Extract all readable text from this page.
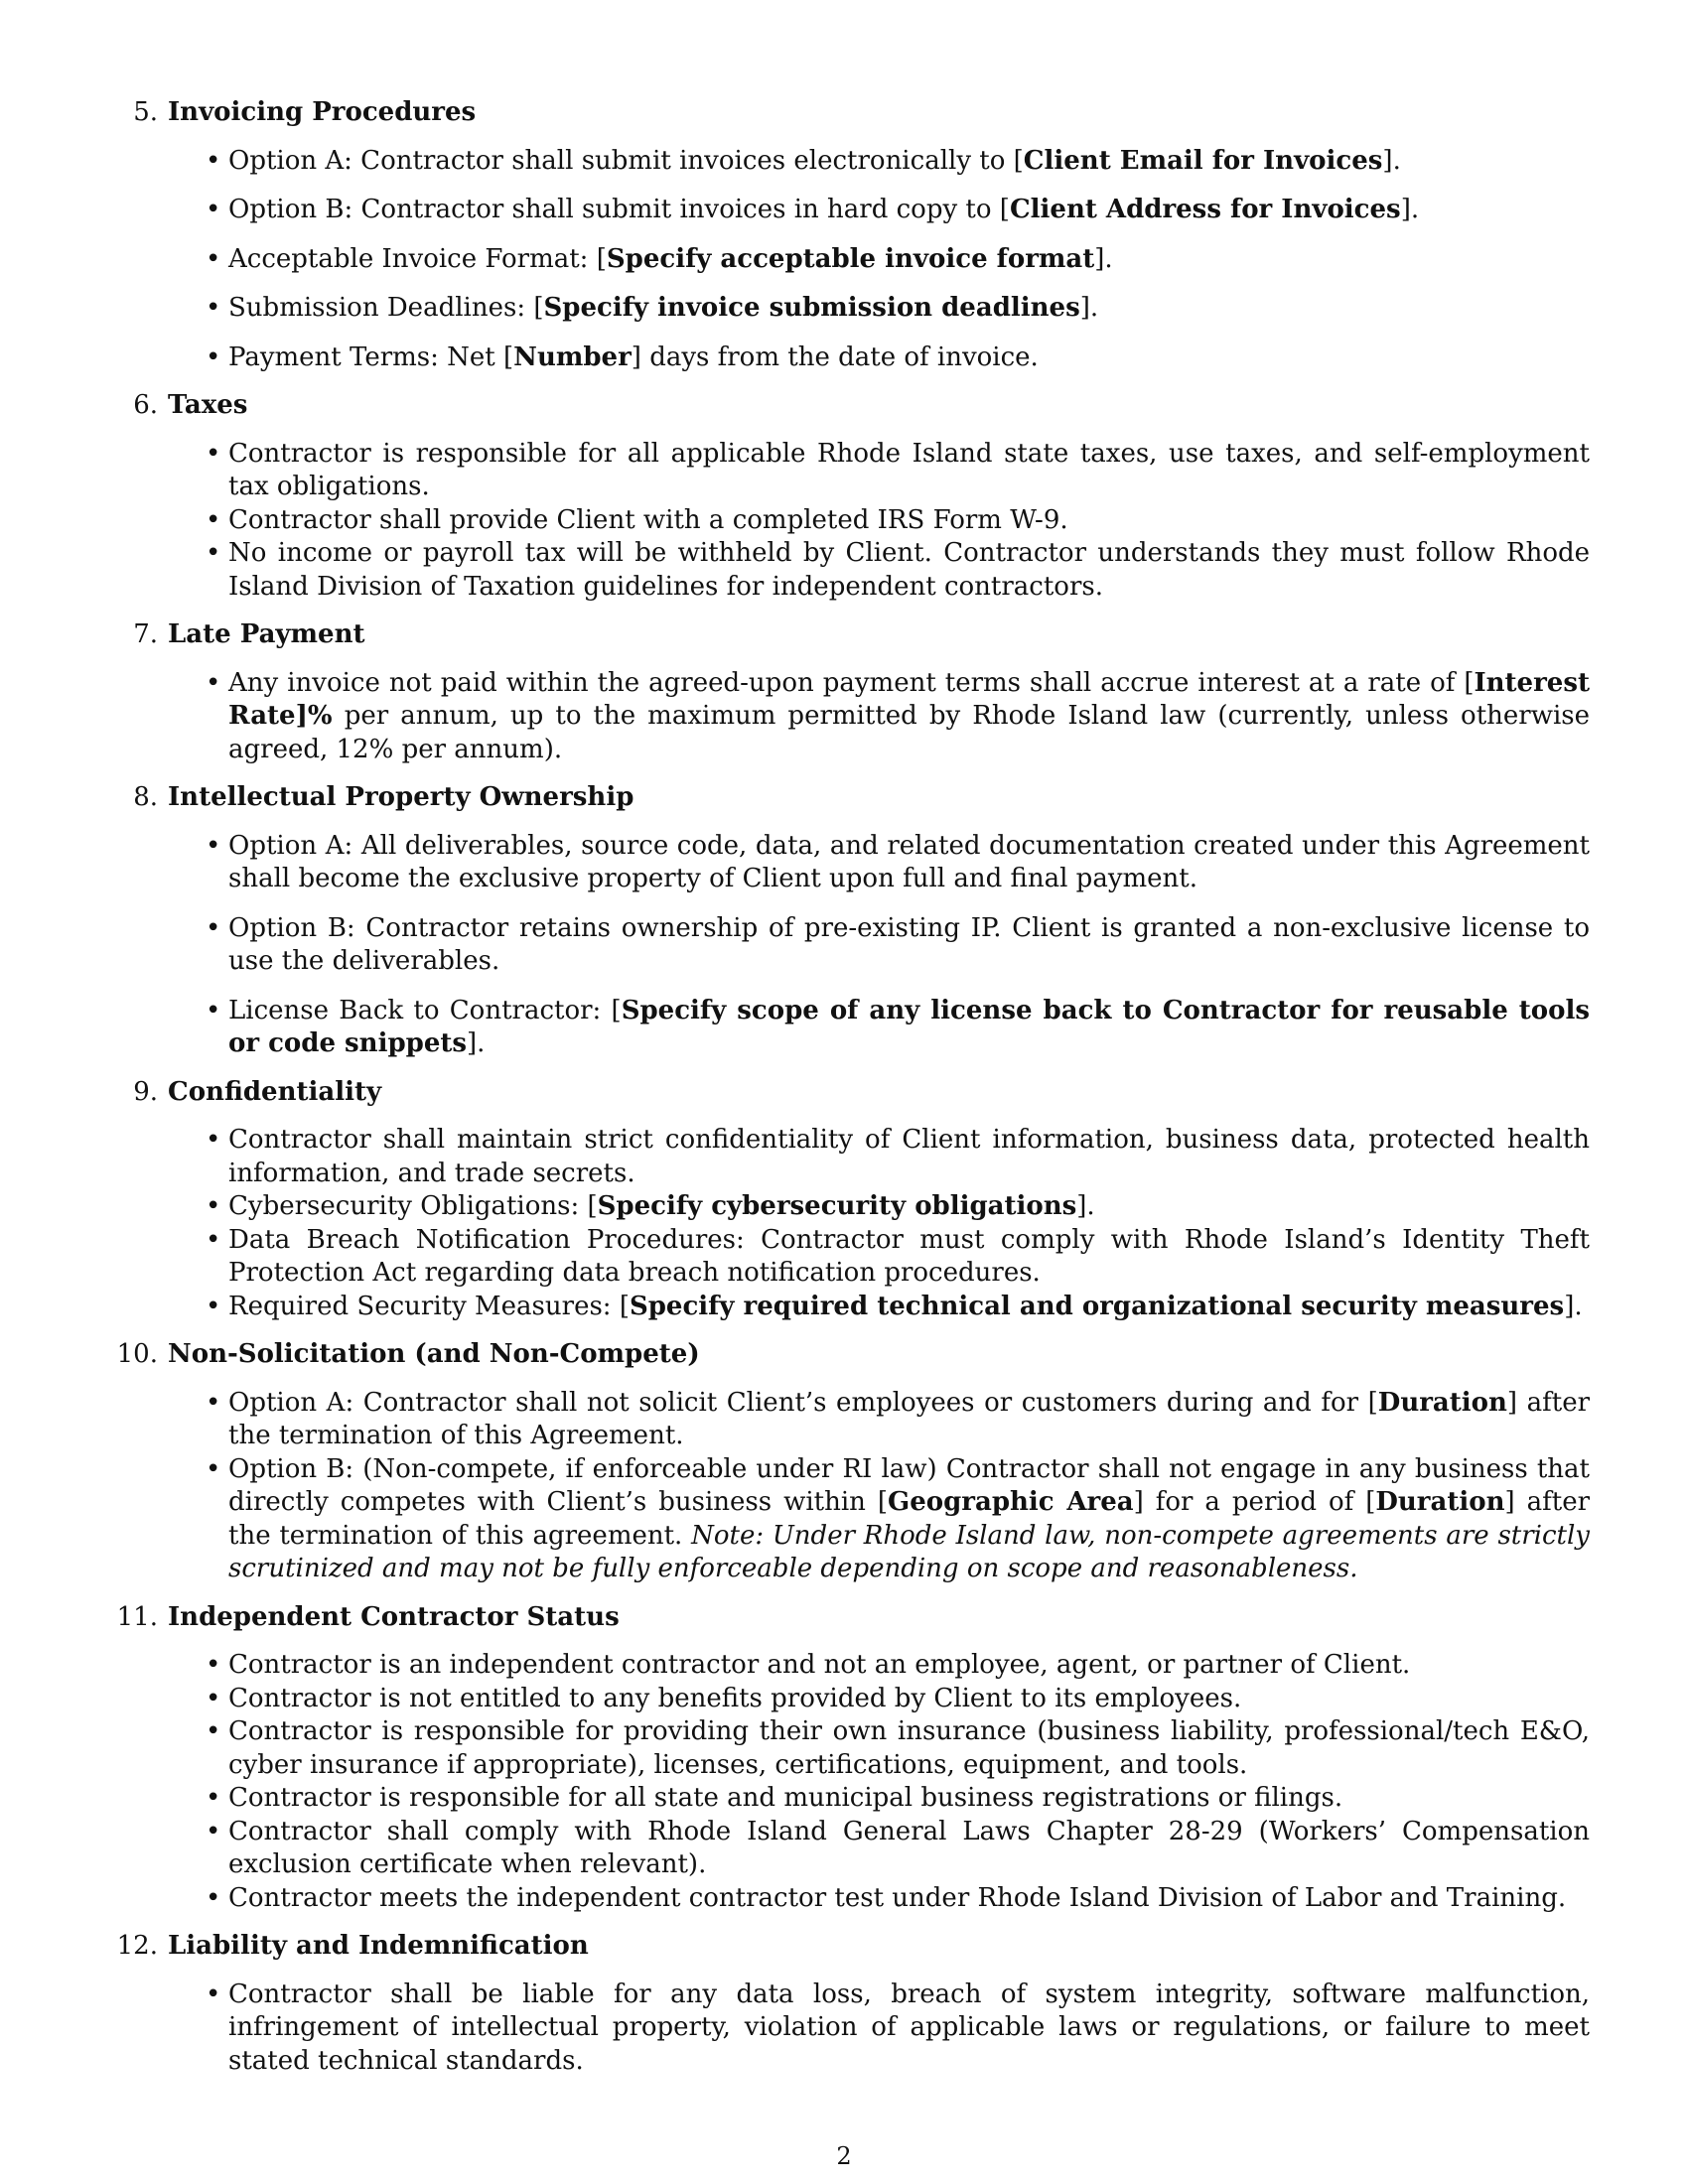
5. Invoicing Procedures
• Option A: Contractor shall submit invoices electronically to [Client Email for Invoices].
• Option B: Contractor shall submit invoices in hard copy to [Client Address for Invoices].
• Acceptable Invoice Format: [Specify acceptable invoice format].
• Submission Deadlines: [Specify invoice submission deadlines].
• Payment Terms: Net [Number] days from the date of invoice.
6. Taxes
• Contractor is responsible for all applicable Rhode Island state taxes, use taxes, and self-employment tax obligations.
• Contractor shall provide Client with a completed IRS Form W-9.
• No income or payroll tax will be withheld by Client. Contractor understands they must follow Rhode Island Division of Taxation guidelines for independent contractors.
7. Late Payment
• Any invoice not paid within the agreed-upon payment terms shall accrue interest at a rate of [Interest Rate]% per annum, up to the maximum permitted by Rhode Island law (currently, unless otherwise agreed, 12% per annum).
8. Intellectual Property Ownership
• Option A: All deliverables, source code, data, and related documentation created under this Agreement shall become the exclusive property of Client upon full and final payment.
• Option B: Contractor retains ownership of pre-existing IP. Client is granted a non-exclusive license to use the deliverables.
• License Back to Contractor: [Specify scope of any license back to Contractor for reusable tools or code snippets].
9. Confidentiality
• Contractor shall maintain strict confidentiality of Client information, business data, protected health information, and trade secrets.
• Cybersecurity Obligations: [Specify cybersecurity obligations].
• Data Breach Notification Procedures: Contractor must comply with Rhode Island’s Identity Theft Protection Act regarding data breach notification procedures.
• Required Security Measures: [Specify required technical and organizational security measures].
10. Non-Solicitation (and Non-Compete)
• Option A: Contractor shall not solicit Client’s employees or customers during and for [Duration] after the termination of this Agreement.
• Option B: (Non-compete, if enforceable under RI law) Contractor shall not engage in any business that directly competes with Client’s business within [Geographic Area] for a period of [Duration] after the termination of this agreement. Note: Under Rhode Island law, non-compete agreements are strictly scrutinized and may not be fully enforceable depending on scope and reasonableness.
11. Independent Contractor Status
• Contractor is an independent contractor and not an employee, agent, or partner of Client.
• Contractor is not entitled to any benefits provided by Client to its employees.
• Contractor is responsible for providing their own insurance (business liability, professional/tech E&O, cyber insurance if appropriate), licenses, certifications, equipment, and tools.
• Contractor is responsible for all state and municipal business registrations or filings.
• Contractor shall comply with Rhode Island General Laws Chapter 28-29 (Workers’ Compensation exclusion certificate when relevant).
• Contractor meets the independent contractor test under Rhode Island Division of Labor and Training.
12. Liability and Indemnification
• Contractor shall be liable for any data loss, breach of system integrity, software malfunction, infringement of intellectual property, violation of applicable laws or regulations, or failure to meet stated technical standards.
2
